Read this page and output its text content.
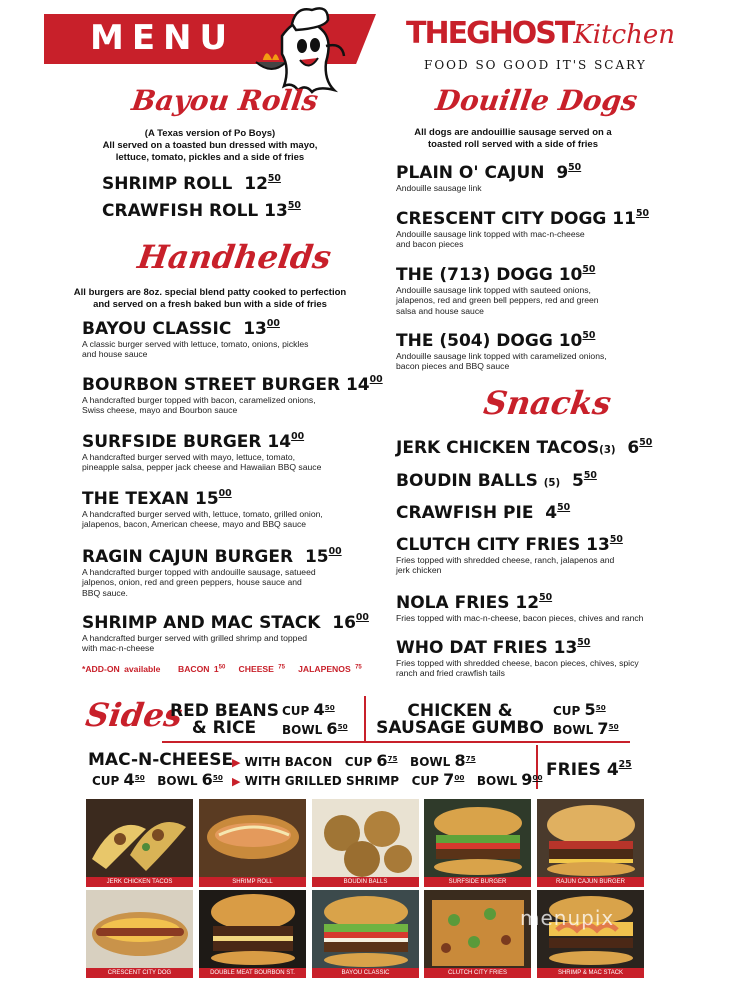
MENU	THEGHOSTKitchen
FOOD SO GOOD IT'S SCARY
Bayou Rolls
(A Texas version of Po Boys)
All served on a toasted bun dressed with mayo,
lettuce, tomato, pickles and a side of fries
SHRIMP ROLL $12^{50}$
CRAWFISH ROLL $13^{50}$
Handhelds
All burgers are 8oz. special blend patty cooked to perfection
and served on a fresh baked bun with a side of fries
BAYOU CLASSIC $13^{00}$
A classic burger served with lettuce, tomato, onions, pickles
and house sauce
BOURBON STREET BURGER $14^{00}$
A handcrafted burger topped with bacon, caramelized onions,
Swiss cheese, mayo and Bourbon sauce
SURFSIDE BURGER $14^{00}$
A handcrafted burger served with mayo, lettuce, tomato,
pineapple salsa, pepper jack cheese and Hawaiian BBQ sauce
THE TEXAN $15^{00}$
A handcrafted burger served with, lettuce, tomato, grilled onion,
jalapenos, bacon, American cheese, mayo and BBQ sauce
RAGIN CAJUN BURGER $15^{00}$
A handcrafted burger topped with andouille sausage, satueed
jalpenos, onion, red and green peppers, house sauce and
BBQ sauce.
SHRIMP AND MAC STACK $16^{00}$
A handcrafted burger served with grilled shrimp and topped
with mac-n-cheese
*ADD-ON available BACON $1^{50}$ CHEESE $^{75}$ JALAPENOS $^{75}$
Douille Dogs
All dogs are andouillie sausage served on a
toasted roll served with a side of fries
PLAIN O' CAJUN $9^{50}$
Andouille sausage link
CRESCENT CITY DOGG $11^{50}$
Andouille sausage link topped with mac-n-cheese
and bacon pieces
THE (713) DOGG $10^{50}$
Andouille sausage link topped with sauteed onions,
jalapenos, red and green bell peppers, red and green
salsa and house sauce
THE (504) DOGG $10^{50}$
Andouille sausage link topped with caramelized onions,
bacon pieces and BBQ sauce
Snacks
JERK CHICKEN TACOS(3) $6^{50}$
BOUDIN BALLS (5) $5^{50}$
CRAWFISH PIE $4^{50}$
CLUTCH CITY FRIES $13^{50}$
Fries topped with shredded cheese, ranch, jalapenos and
jerk chicken
NOLA FRIES $12^{50}$
Fries topped with mac-n-cheese, bacon pieces, chives and ranch
WHO DAT FRIES $13^{50}$
Fries topped with shredded cheese, bacon pieces, chives, spicy
ranch and fried crawfish tails
Sides
RED BEANS
& RICE
CUP $4^{50}$
BOWL $6^{50}$
CHICKEN &
SAUSAGE GUMBO
CUP $5^{50}$
BOWL $7^{50}$
MAC-N-CHEESE
CUP $4^{50}$ BOWL $6^{50}$
▶ WITH BACON CUP $6^{75}$ BOWL $8^{75}$
▶ WITH GRILLED SHRIMP CUP $7^{00}$ BOWL $9^{00}$ FRIES $4^{25}$
JERK CHICKEN TACOS	SHRIMP ROLL	BOUDIN BALLS	SURFSIDE BURGER	RAJUN CAJUN BURGER
CRESCENT CITY DOG	DOUBLE MEAT BOURBON ST.	BAYOU CLASSIC	CLUTCH CITY FRIES	SHRIMP & MAC STACK
menupix
